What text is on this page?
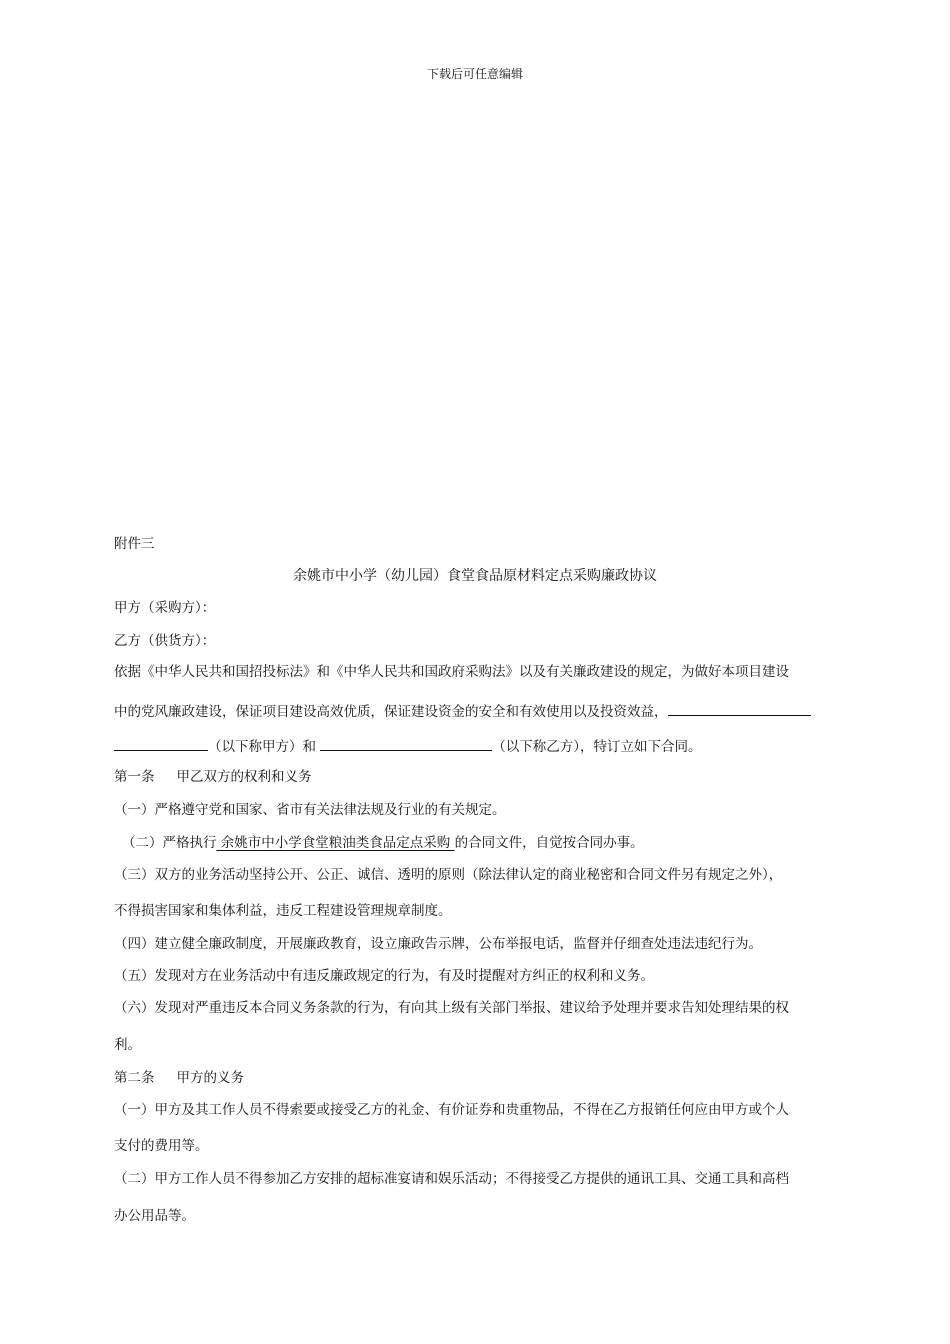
下载后可任意编辑
附件三
余姚市中小学（幼儿园）食堂食品原材料定点采购廉政协议
甲方（采购方）：
乙方（供货方）：
依据《中华人民共和国招投标法》和《中华人民共和国政府采购法》以及有关廉政建设的规定，为做好本项目建设
中的党风廉政建设，保证项目建设高效优质，保证建设资金的安全和有效使用以及投资效益，
（以下称甲方）和	（以下称乙方），特订立如下合同。
第一条 甲乙双方的权利和义务
（一）严格遵守党和国家、省市有关法律法规及行业的有关规定。
（二）严格执行 余姚市中小学食堂粮油类食品定点采购 的合同文件，自觉按合同办事。
（三）双方的业务活动坚持公开、公正、诚信、透明的原则（除法律认定的商业秘密和合同文件另有规定之外），
不得损害国家和集体利益，违反工程建设管理规章制度。
（四）建立健全廉政制度，开展廉政教育，设立廉政告示牌，公布举报电话，监督并仔细查处违法违纪行为。
（五）发现对方在业务活动中有违反廉政规定的行为，有及时提醒对方纠正的权利和义务。
（六）发现对严重违反本合同义务条款的行为，有向其上级有关部门举报、建议给予处理并要求告知处理结果的权
利。
第二条 甲方的义务
（一）甲方及其工作人员不得索要或接受乙方的礼金、有价证券和贵重物品，不得在乙方报销任何应由甲方或个人
支付的费用等。
（二）甲方工作人员不得参加乙方安排的超标准宴请和娱乐活动；不得接受乙方提供的通讯工具、交通工具和高档
办公用品等。
